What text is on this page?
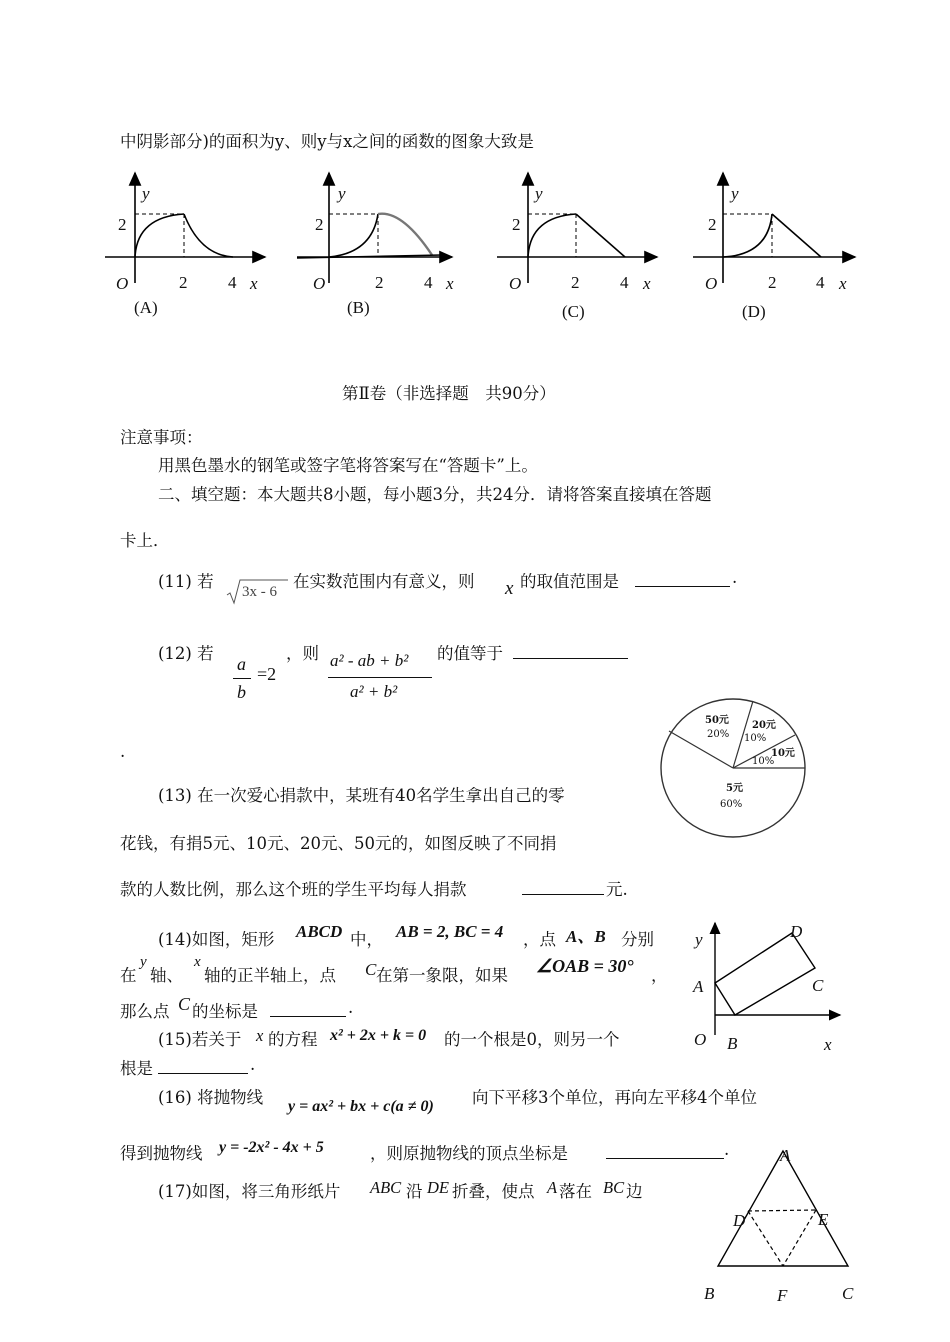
中阴影部分)的面积为y、则y与x之间的函数的图象大致是
y
2
O	2 4 x
(A)
y
2
O	2 4 x
(B)
y
2
O	2 4 x
(C)
y
2
O	2 4 x
(D)
第Ⅱ卷（非选择题　共90分）
注意事项：
用黑色墨水的钢笔或签字笔将答案写在“答题卡”上。
二、填空题：本大题共8小题，每小题3分，共24分．请将答案直接填在答题
卡上．
(11) 若
3x - 6
在实数范围内有意义，则 x 的取值范围是	.
(12) 若
a
b
=2
，则 a² - ab + b²
a² + b²
的值等于
.
50元
20%
20元
10%
10元
10%
5元
60%
(13) 在一次爱心捐款中，某班有40名学生拿出自己的零
花钱，有捐5元、10元、20元、50元的，如图反映了不同捐
款的人数比例，那么这个班的学生平均每人捐款	元.
(14)如图，矩形 ABCD 中， AB = 2, BC = 4 ，点 A、B 分别
在
y
轴、
x
轴的正半轴上，点 C 在第一象限，如果 ∠OAB = 30° ，
那么点 C 的坐标是	.
y	D
A	C
O B	x
(15)若关于 x 的方程 x² + 2x + k = 0 的一个根是0，则另一个
根是	.
(16) 将抛物线 y = ax² + bx + c(a ≠ 0) 向下平移3个单位，再向左平移4个单位
得到抛物线 y = -2x² - 4x + 5	，则原抛物线的顶点坐标是	.
(17)如图，将三角形纸片 ABC 沿 DE 折叠，使点 A 落在 BC 边
A
D	E
B	F	C
